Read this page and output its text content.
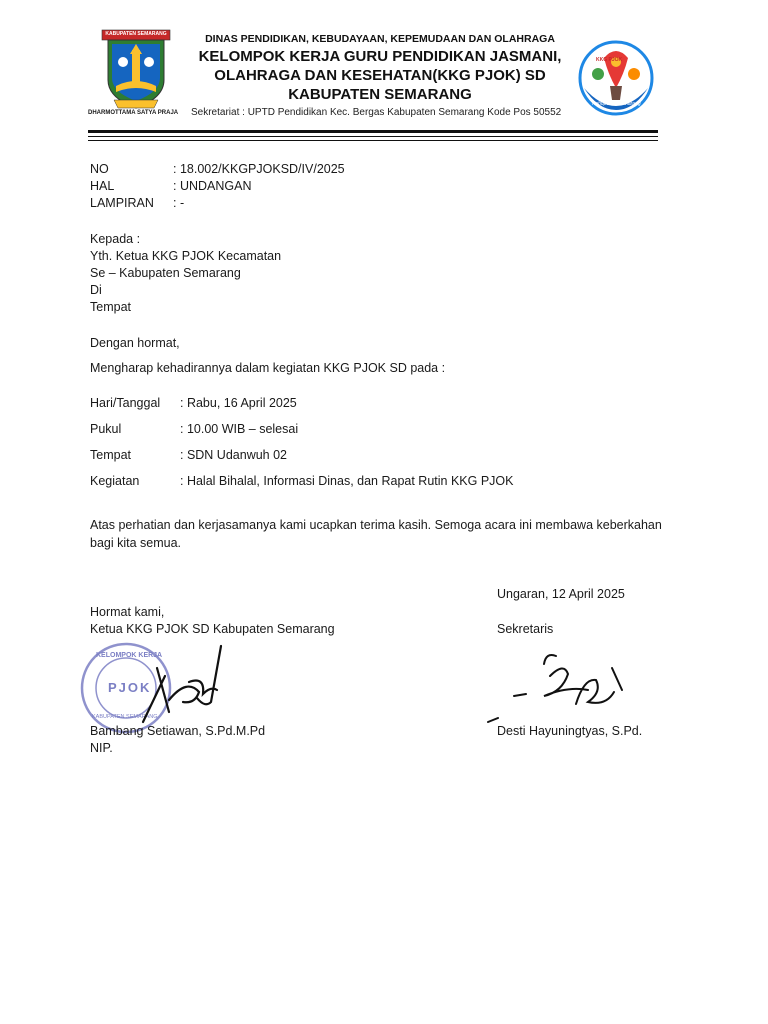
KABUPATEN SEMARANG
DHARMOTTAMA SATYA PRAJA
DINAS PENDIDIKAN, KEBUDAYAAN, KEPEMUDAAN DAN OLAHRAGA
KELOMPOK KERJA GURU PENDIDIKAN JASMANI,
OLAHRAGA DAN KESEHATAN(KKG PJOK) SD
KABUPATEN SEMARANG
Sekretariat : UPTD Pendidikan Kec. Bergas Kabupaten Semarang Kode Pos 50552
KKG PJOK
Kabupaten Semarang
NO	: 18.002/KKGPJOKSD/IV/2025
HAL	: UNDANGAN
LAMPIRAN : -
Kepada :
Yth. Ketua KKG PJOK Kecamatan
Se – Kabupaten Semarang
Di
Tempat
Dengan hormat,
Mengharap kehadirannya dalam kegiatan KKG PJOK SD pada :
Hari/Tanggal : Rabu, 16 April 2025
Pukul	: 10.00 WIB – selesai
Tempat	: SDN Udanwuh 02
Kegiatan	: Halal Bihalal, Informasi Dinas, dan Rapat Rutin KKG PJOK
Atas perhatian dan kerjasamanya kami ucapkan terima kasih. Semoga acara ini membawa keberkahan
bagi kita semua.
Ungaran, 12 April 2025
Hormat kami,
Ketua KKG PJOK SD Kabupaten Semarang	Sekretaris
KELOMPOK KERJA
PJOK
KABUPATEN SEMARANG
Bambang Setiawan, S.Pd.M.Pd
NIP.
Desti Hayuningtyas, S.Pd.
